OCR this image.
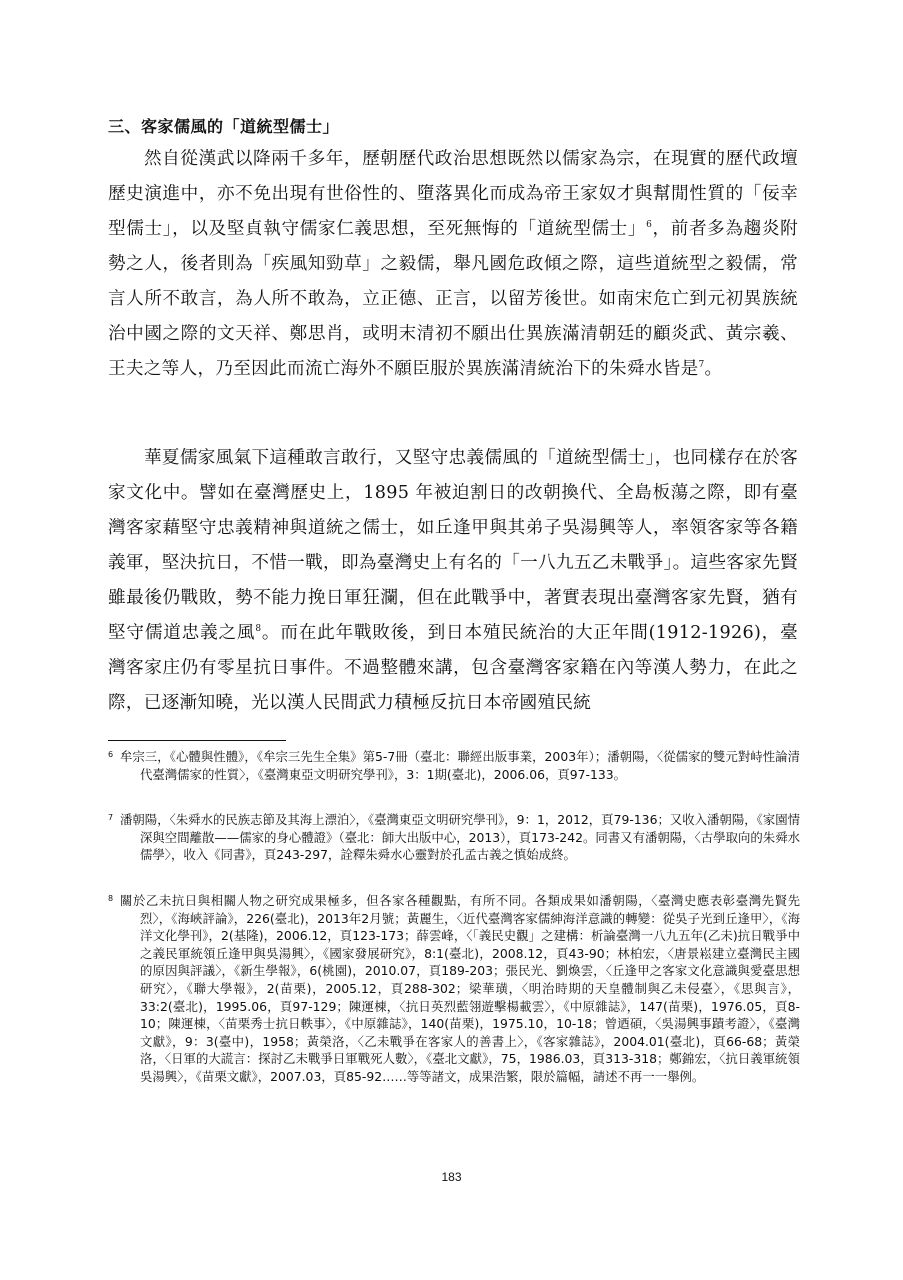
三、客家儒風的「道統型儒士」

然自從漢武以降兩千多年，歷朝歷代政治思想既然以儒家為宗，在現實的歷代政壇歷史演進中，亦不免出現有世俗性的、墮落異化而成為帝王家奴才與幫閒性質的「佞幸型儒士」，以及堅貞執守儒家仁義思想，至死無悔的「道統型儒士」$^6$，前者多為趨炎附勢之人，後者則為「疾風知勁草」之毅儒，舉凡國危政傾之際，這些道統型之毅儒，常言人所不敢言，為人所不敢為，立正德、正言，以留芳後世。如南宋危亡到元初異族統治中國之際的文天祥、鄭思肖，或明末清初不願出仕異族滿清朝廷的顧炎武、黃宗羲、王夫之等人，乃至因此而流亡海外不願臣服於異族滿清統治下的朱舜水皆是$^7$。

華夏儒家風氣下這種敢言敢行，又堅守忠義儒風的「道統型儒士」，也同樣存在於客家文化中。譬如在臺灣歷史上，1895 年被迫割日的改朝換代、全島板蕩之際，即有臺灣客家藉堅守忠義精神與道統之儒士，如丘逢甲與其弟子吳湯興等人，率領客家等各籍義軍，堅決抗日，不惜一戰，即為臺灣史上有名的「一八九五乙未戰爭」。這些客家先賢雖最後仍戰敗，勢不能力挽日軍狂瀾，但在此戰爭中，著實表現出臺灣客家先賢，猶有堅守儒道忠義之風$^8$。而在此年戰敗後，到日本殖民統治的大正年間(1912-1926)，臺灣客家庄仍有零星抗日事件。不過整體來講，包含臺灣客家籍在內等漢人勢力，在此之際，已逐漸知曉，光以漢人民間武力積極反抗日本帝國殖民統

6 牟宗三，《心體與性體》，《牟宗三先生全集》第5-7冊（臺北：聯經出版事業，2003年）；潘朝陽，〈從儒家的雙元對峙性論清代臺灣儒家的性質〉，《臺灣東亞文明研究學刊》，3：1期(臺北)，2006.06，頁97-133。
7 潘朝陽，〈朱舜水的民族志節及其海上漂泊〉，《臺灣東亞文明研究學刊》，9：1，2012，頁79-136；又收入潘朝陽，《家園情深與空間離散——儒家的身心體證》（臺北：師大出版中心，2013），頁173-242。同書又有潘朝陽，〈古學取向的朱舜水儒學〉，收入《同書》，頁243-297，詮釋朱舜水心靈對於孔孟古義之慎始成終。
8 關於乙未抗日與相關人物之研究成果極多，但各家各種觀點，有所不同。各類成果如潘朝陽，〈臺灣史應表彰臺灣先賢先烈〉，《海峽評論》，226(臺北)，2013年2月號；黃麗生，〈近代臺灣客家儒紳海洋意識的轉變：從吳子光到丘逢甲〉，《海洋文化學刊》，2(基隆)，2006.12，頁123-173；薛雲峰，〈「義民史觀」之建構：析論臺灣一八九五年(乙未)抗日戰爭中之義民軍統領丘逢甲與吳湯興〉，《國家發展研究》，8:1(臺北)，2008.12，頁43-90；林柏宏，〈唐景崧建立臺灣民主國的原因與評議〉，《新生學報》，6(桃園)，2010.07，頁189-203；張民光、劉煥雲，〈丘逢甲之客家文化意識與愛臺思想研究〉，《聯大學報》，2(苗栗)，2005.12，頁288-302；梁華璜，〈明治時期的天皇體制與乙未侵臺〉，《思與言》，33:2(臺北)，1995.06，頁97-129；陳運棟，〈抗日英烈藍翎遊擊楊載雲〉，《中原雜誌》，147(苗栗)，1976.05，頁8-10；陳運棟，〈苗栗秀士抗日軼事〉，《中原雜誌》，140(苗栗)，1975.10，10-18；曾迺碩，〈吳湯興事蹟考證〉，《臺灣文獻》，9：3(臺中)，1958；黃榮洛，〈乙未戰爭在客家人的善書上〉，《客家雜誌》，2004.01(臺北)，頁66-68；黃榮洛，〈日軍的大謊言：探討乙未戰爭日軍戰死人數〉，《臺北文獻》，75，1986.03，頁313-318；鄭錦宏，〈抗日義軍統領吳湯興〉，《苗栗文獻》，2007.03，頁85-92……等等諸文，成果浩繁，限於篇幅，請述不再一一舉例。
183
